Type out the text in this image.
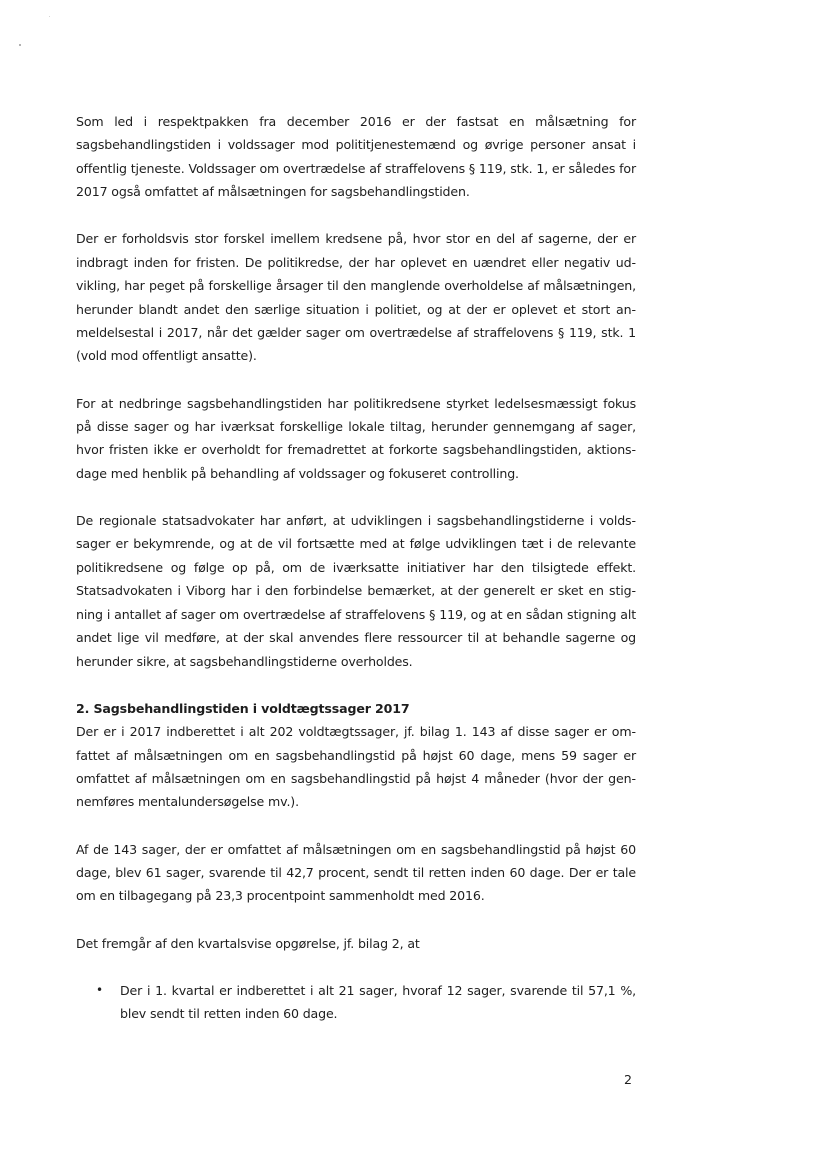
Som led i respektpakken fra december 2016 er der fastsat en målsætning for sagsbehandlingstiden i voldssager mod polititjenestemænd og øvrige personer ansat i offentlig tjeneste. Voldssager om overtrædelse af straffelovens § 119, stk. 1, er således for 2017 også omfattet af målsætningen for sagsbehandlingstiden.

Der er forholdsvis stor forskel imellem kredsene på, hvor stor en del af sagerne, der er indbragt inden for fristen. De politikredse, der har oplevet en uændret eller negativ udvikling, har peget på forskellige årsager til den manglende overholdelse af målsætningen, herunder blandt andet den særlige situation i politiet, og at der er oplevet et stort anmeldelsestal i 2017, når det gælder sager om overtrædelse af straffelovens § 119, stk. 1 (vold mod offentligt ansatte).

For at nedbringe sagsbehandlingstiden har politikredsene styrket ledelsesmæssigt fokus på disse sager og har iværksat forskellige lokale tiltag, herunder gennemgang af sager, hvor fristen ikke er overholdt for fremadrettet at forkorte sagsbehandlingstiden, aktionsdage med henblik på behandling af voldssager og fokuseret controlling.

De regionale statsadvokater har anført, at udviklingen i sagsbehandlingstiderne i voldssager er bekymrende, og at de vil fortsætte med at følge udviklingen tæt i de relevante politikredsene og følge op på, om de iværksatte initiativer har den tilsigtede effekt. Statsadvokaten i Viborg har i den forbindelse bemærket, at der generelt er sket en stigning i antallet af sager om overtrædelse af straffelovens § 119, og at en sådan stigning alt andet lige vil medføre, at der skal anvendes flere ressourcer til at behandle sagerne og herunder sikre, at sagsbehandlingstiderne overholdes.

2. Sagsbehandlingstiden i voldtægtssager 2017

Der er i 2017 indberettet i alt 202 voldtægtssager, jf. bilag 1. 143 af disse sager er omfattet af målsætningen om en sagsbehandlingstid på højst 60 dage, mens 59 sager er omfattet af målsætningen om en sagsbehandlingstid på højst 4 måneder (hvor der gennemføres mentalundersøgelse mv.).

Af de 143 sager, der er omfattet af målsætningen om en sagsbehandlingstid på højst 60 dage, blev 61 sager, svarende til 42,7 procent, sendt til retten inden 60 dage. Der er tale om en tilbagegang på 23,3 procentpoint sammenholdt med 2016.

Det fremgår af den kvartalsvise opgørelse, jf. bilag 2, at

• Der i 1. kvartal er indberettet i alt 21 sager, hvoraf 12 sager, svarende til 57,1 %, blev sendt til retten inden 60 dage.
2
